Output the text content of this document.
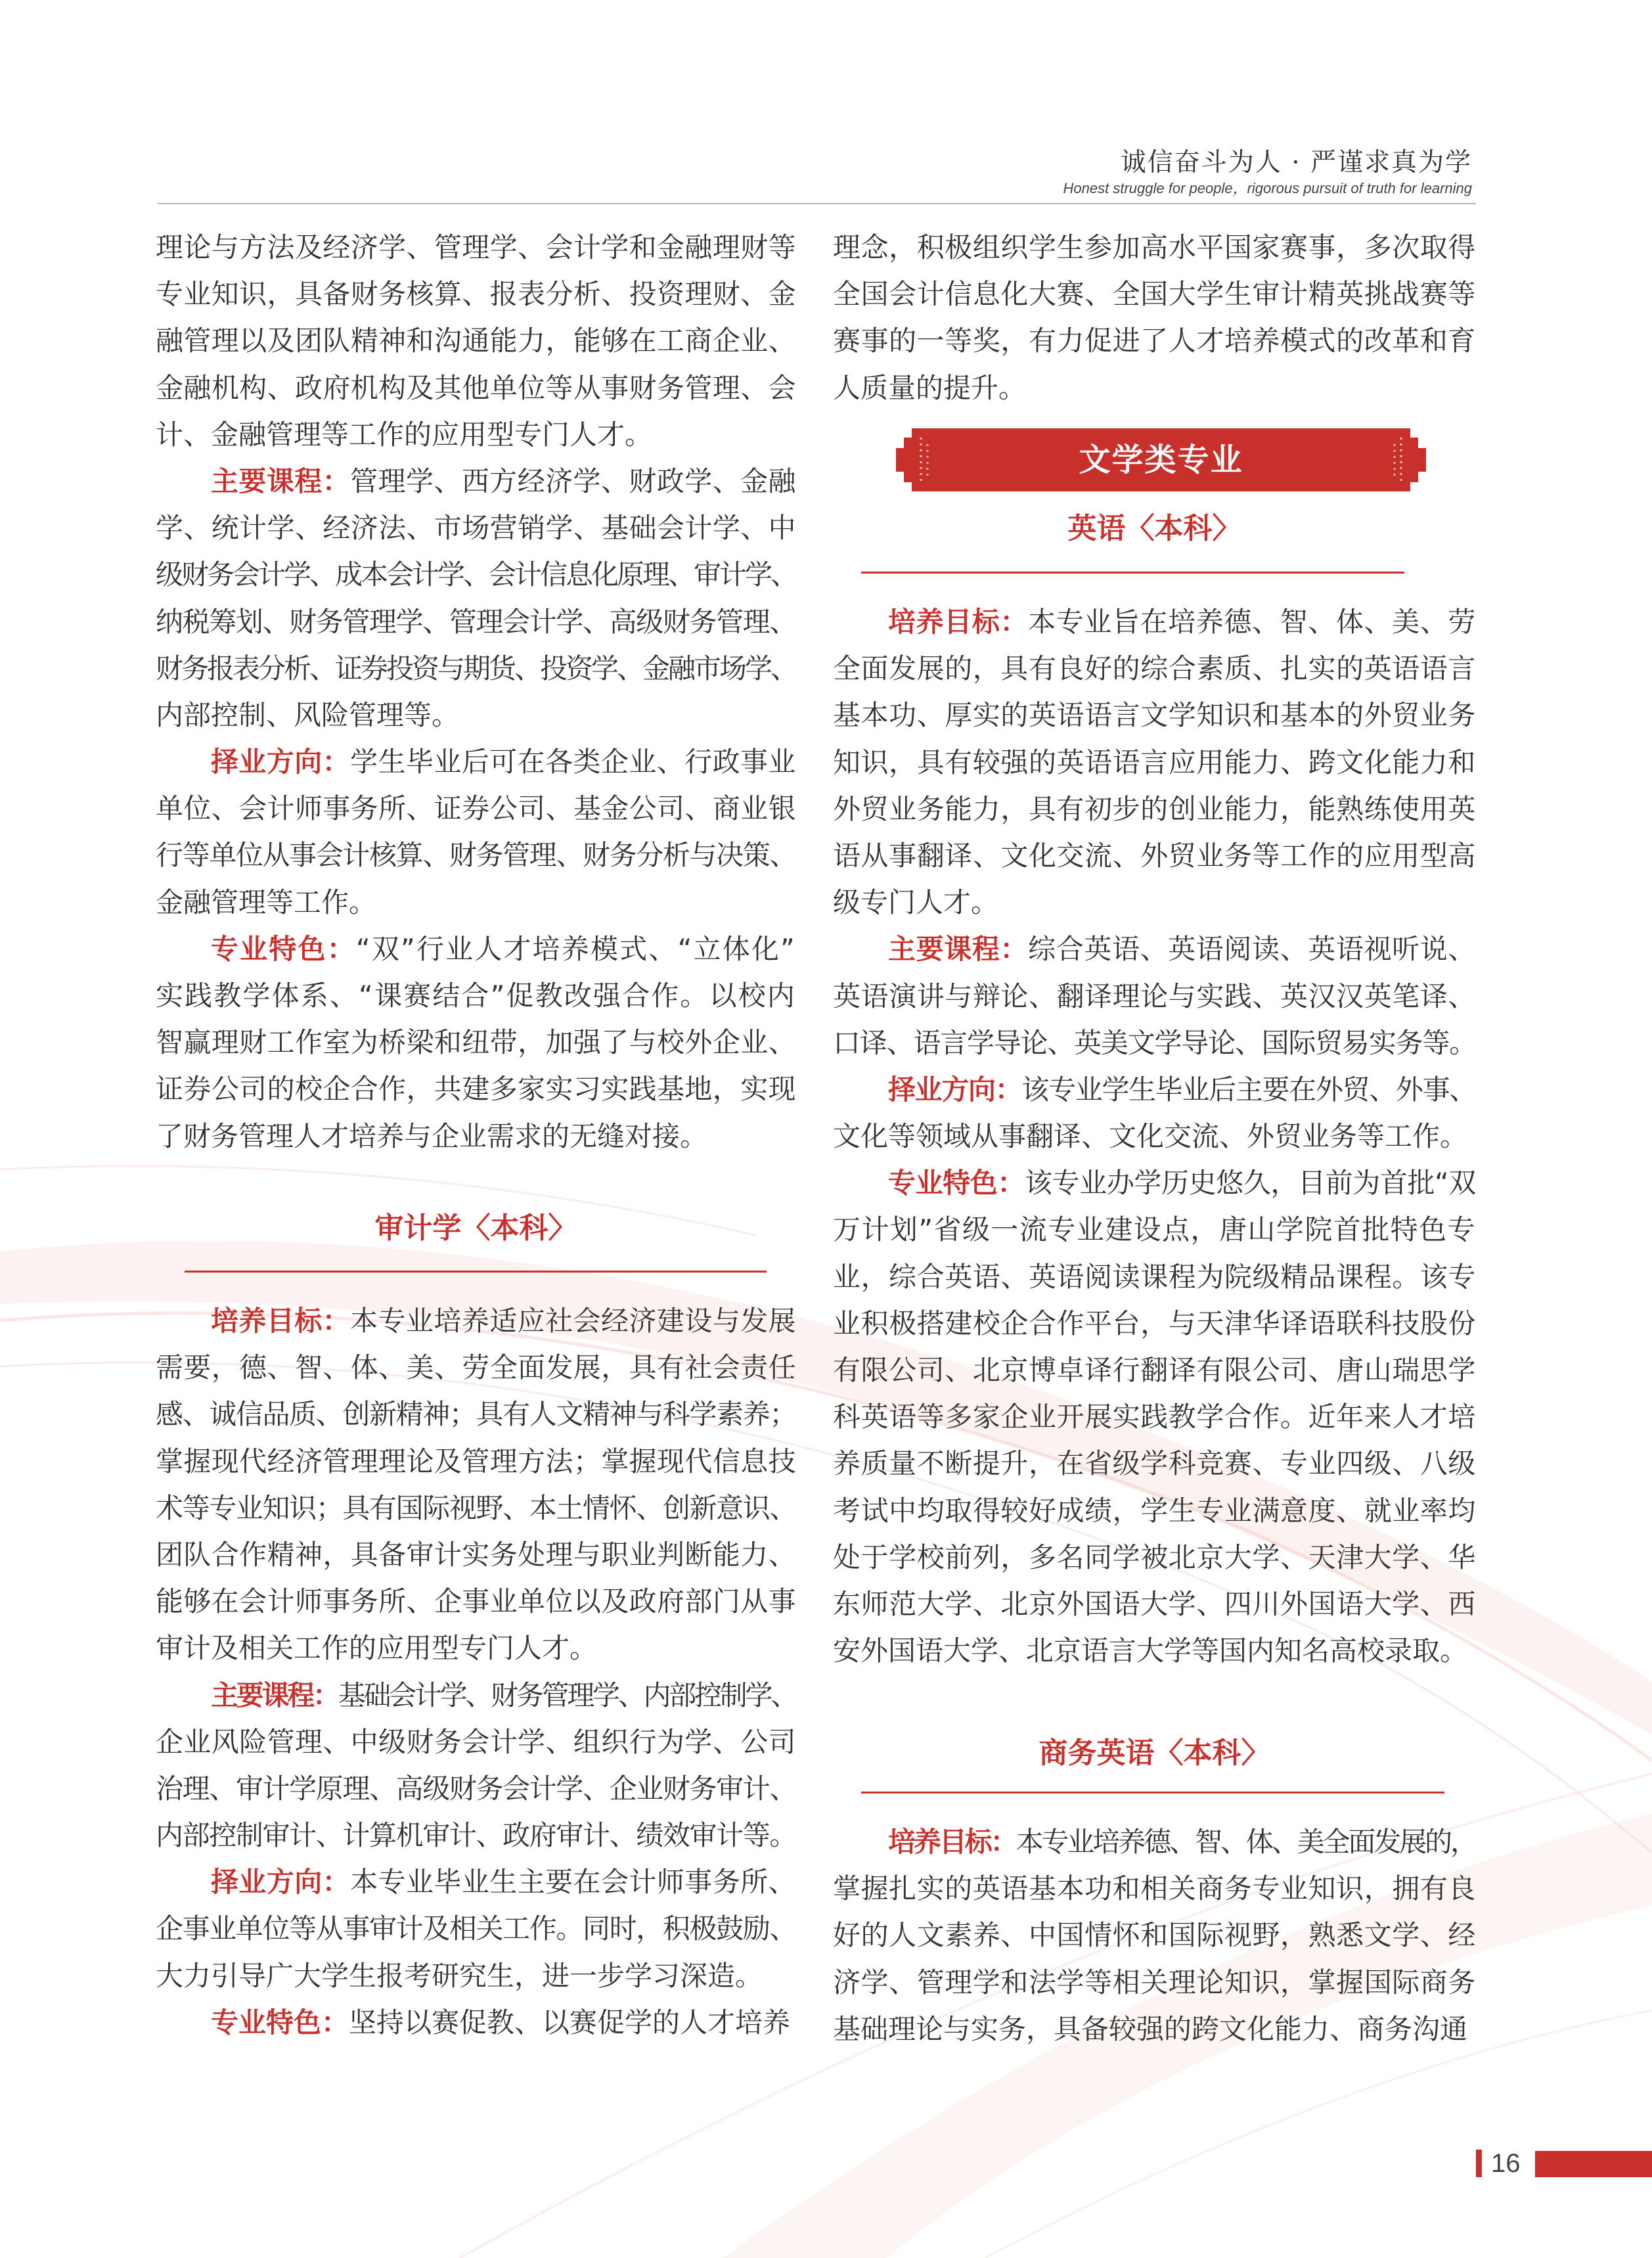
诚信奋斗为人 · 严谨求真为学
Honest struggle for people，rigorous pursuit of truth for learning
理论与方法及经济学、管理学、会计学和金融理财等
专业知识，具备财务核算、报表分析、投资理财、金
融管理以及团队精神和沟通能力，能够在工商企业、
金融机构、政府机构及其他单位等从事财务管理、会
计、金融管理等工作的应用型专门人才。
主要课程：管理学、西方经济学、财政学、金融
学、统计学、经济法、市场营销学、基础会计学、中
级财务会计学、成本会计学、会计信息化原理、审计学、
纳税筹划、财务管理学、管理会计学、高级财务管理、
财务报表分析、证券投资与期货、投资学、金融市场学、
内部控制、风险管理等。
择业方向：学生毕业后可在各类企业、行政事业
单位、会计师事务所、证券公司、基金公司、商业银
行等单位从事会计核算、财务管理、财务分析与决策、
金融管理等工作。
专业特色：“双”行业人才培养模式、“立体化”
实践教学体系、“课赛结合”促教改强合作。以校内
智赢理财工作室为桥梁和纽带，加强了与校外企业、
证券公司的校企合作，共建多家实习实践基地，实现
了财务管理人才培养与企业需求的无缝对接。
审计学〈本科〉
培养目标：本专业培养适应社会经济建设与发展
需要，德、智、体、美、劳全面发展，具有社会责任
感、诚信品质、创新精神；具有人文精神与科学素养；
掌握现代经济管理理论及管理方法；掌握现代信息技
术等专业知识；具有国际视野、本土情怀、创新意识、
团队合作精神，具备审计实务处理与职业判断能力、
能够在会计师事务所、企事业单位以及政府部门从事
审计及相关工作的应用型专门人才。
主要课程：基础会计学、财务管理学、内部控制学、
企业风险管理、中级财务会计学、组织行为学、公司
治理、审计学原理、高级财务会计学、企业财务审计、
内部控制审计、计算机审计、政府审计、绩效审计等。
择业方向：本专业毕业生主要在会计师事务所、
企事业单位等从事审计及相关工作。同时，积极鼓励、
大力引导广大学生报考研究生，进一步学习深造。
专业特色：坚持以赛促教、以赛促学的人才培养
理念，积极组织学生参加高水平国家赛事，多次取得
全国会计信息化大赛、全国大学生审计精英挑战赛等
赛事的一等奖，有力促进了人才培养模式的改革和育
人质量的提升。
文学类专业
英语〈本科〉
培养目标：本专业旨在培养德、智、体、美、劳
全面发展的，具有良好的综合素质、扎实的英语语言
基本功、厚实的英语语言文学知识和基本的外贸业务
知识，具有较强的英语语言应用能力、跨文化能力和
外贸业务能力，具有初步的创业能力，能熟练使用英
语从事翻译、文化交流、外贸业务等工作的应用型高
级专门人才。
主要课程：综合英语、英语阅读、英语视听说、
英语演讲与辩论、翻译理论与实践、英汉汉英笔译、
口译、语言学导论、英美文学导论、国际贸易实务等。
择业方向：该专业学生毕业后主要在外贸、外事、
文化等领域从事翻译、文化交流、外贸业务等工作。
专业特色：该专业办学历史悠久，目前为首批“双
万计划”省级一流专业建设点，唐山学院首批特色专
业，综合英语、英语阅读课程为院级精品课程。该专
业积极搭建校企合作平台，与天津华译语联科技股份
有限公司、北京博卓译行翻译有限公司、唐山瑞思学
科英语等多家企业开展实践教学合作。近年来人才培
养质量不断提升，在省级学科竞赛、专业四级、八级
考试中均取得较好成绩，学生专业满意度、就业率均
处于学校前列，多名同学被北京大学、天津大学、华
东师范大学、北京外国语大学、四川外国语大学、西
安外国语大学、北京语言大学等国内知名高校录取。
商务英语〈本科〉
培养目标：本专业培养德、智、体、美全面发展的，
掌握扎实的英语基本功和相关商务专业知识，拥有良
好的人文素养、中国情怀和国际视野，熟悉文学、经
济学、管理学和法学等相关理论知识，掌握国际商务
基础理论与实务，具备较强的跨文化能力、商务沟通
16
